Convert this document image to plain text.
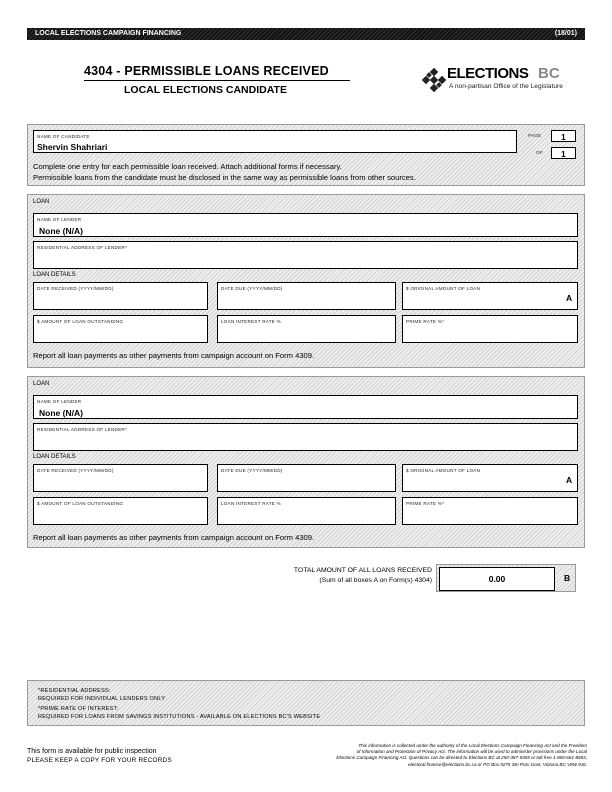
LOCAL ELECTIONS CAMPAIGN FINANCING	(18/01)
4304 - PERMISSIBLE LOANS RECEIVED
LOCAL ELECTIONS CANDIDATE
ELECTIONS BC
A non-partisan Office of the Legislature
NAME OF CANDIDATE
Shervin Shahriari
PAGE 1
OF 1
Complete one entry for each permissible loan received. Attach additional forms if necessary.
Permissible loans from the candidate must be disclosed in the same way as permissible loans from other sources.
LOAN
NAME OF LENDER
None (N/A)
RESIDENTIAL ADDRESS OF LENDER*
LOAN DETAILS
DATE RECEIVED (YYYY/MM/DD)	DATE DUE (YYYY/MM/DD)	$ ORIGINAL AMOUNT OF LOAN
A
$ AMOUNT OF LOAN OUTSTANDING	LOAN INTEREST RATE %	PRIME RATE %*
Report all loan payments as other payments from campaign account on Form 4309.
LOAN
NAME OF LENDER
None (N/A)
RESIDENTIAL ADDRESS OF LENDER*
LOAN DETAILS
DATE RECEIVED (YYYY/MM/DD)	DATE DUE (YYYY/MM/DD)	$ ORIGINAL AMOUNT OF LOAN
A
$ AMOUNT OF LOAN OUTSTANDING	LOAN INTEREST RATE %	PRIME RATE %*
Report all loan payments as other payments from campaign account on Form 4309.
TOTAL AMOUNT OF ALL LOANS RECEIVED
(Sum of all boxes A on Form(s) 4304)	0.00	B
*RESIDENTIAL ADDRESS:
REQUIRED FOR INDIVIDUAL LENDERS ONLY
*PRIME RATE OF INTEREST:
REQUIRED FOR LOANS FROM SAVINGS INSTITUTIONS - AVAILABLE ON ELECTIONS BC'S WEBSITE
This form is available for public inspection
PLEASE KEEP A COPY FOR YOUR RECORDS
This information is collected under the authority of the Local Elections Campaign Financing Act and the Freedom
of Information and Protection of Privacy Act. The information will be used to administer provisions under the Local
Elections Campaign Financing Act. Questions can be directed to Elections BC at 250-387-5305 or toll-free 1-800-661-8683,
electoral.finance@elections.bc.ca or PO Box 9275 Stn Prov Govt, Victoria BC V8W 9J6.
